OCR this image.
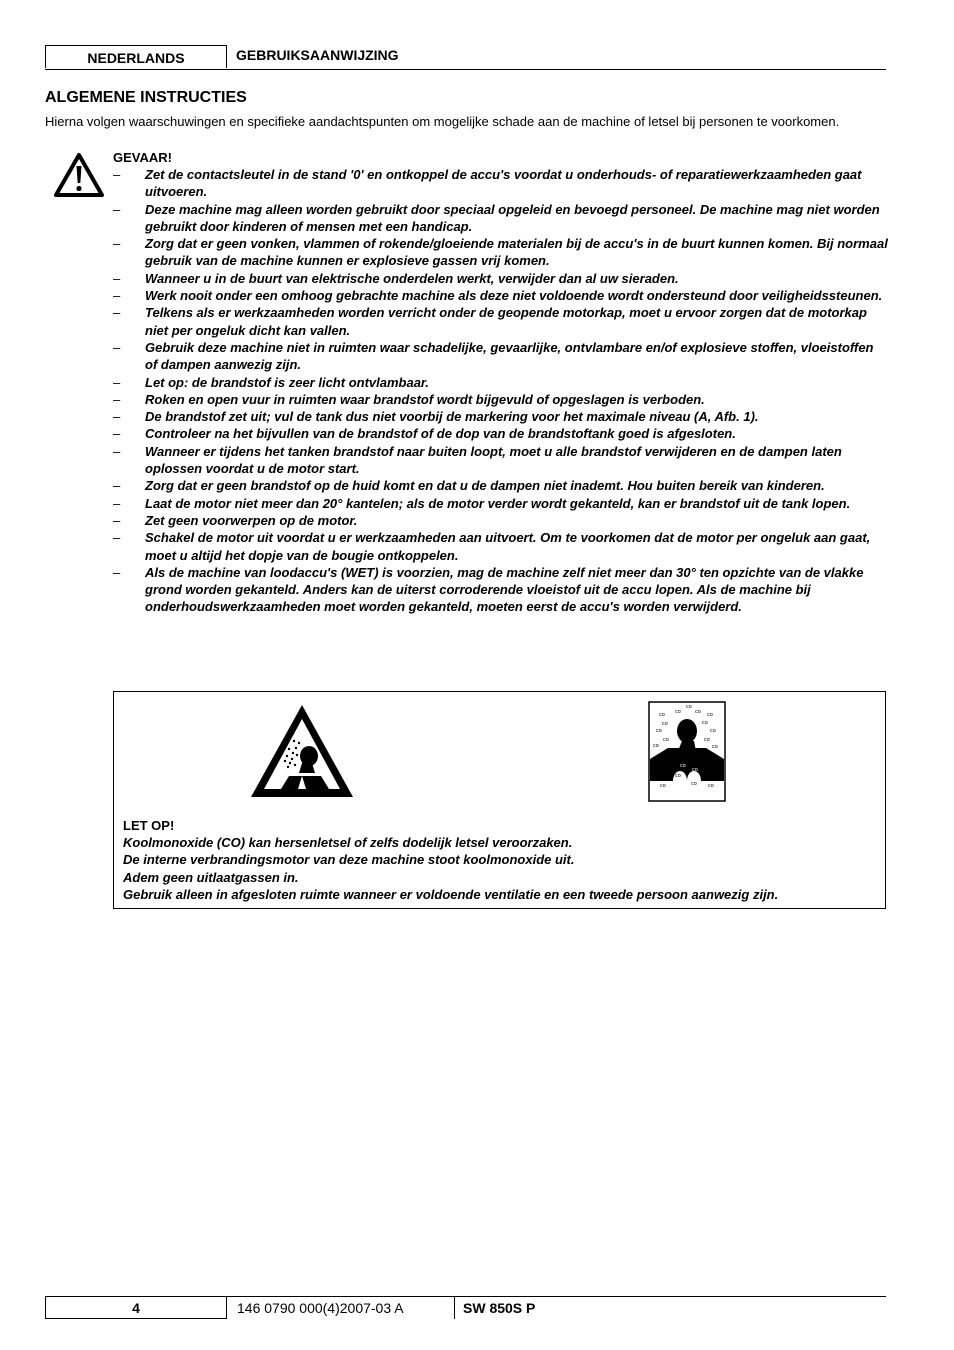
NEDERLANDS	GEBRUIKSAANWIJZING
ALGEMENE INSTRUCTIES

Hierna volgen waarschuwingen en specifieke aandachtspunten om mogelijke schade aan de machine of letsel bij personen te voorkomen.

GEVAAR!
– Zet de contactsleutel in de stand '0' en ontkoppel de accu's voordat u onderhouds- of reparatiewerkzaamheden gaat uitvoeren.
– Deze machine mag alleen worden gebruikt door speciaal opgeleid en bevoegd personeel. De machine mag niet worden gebruikt door kinderen of mensen met een handicap.
– Zorg dat er geen vonken, vlammen of rokende/gloeiende materialen bij de accu's in de buurt kunnen komen. Bij normaal gebruik van de machine kunnen er explosieve gassen vrij komen.
– Wanneer u in de buurt van elektrische onderdelen werkt, verwijder dan al uw sieraden.
– Werk nooit onder een omhoog gebrachte machine als deze niet voldoende wordt ondersteund door veiligheidssteunen.
– Telkens als er werkzaamheden worden verricht onder de geopende motorkap, moet u ervoor zorgen dat de motorkap niet per ongeluk dicht kan vallen.
– Gebruik deze machine niet in ruimten waar schadelijke, gevaarlijke, ontvlambare en/of explosieve stoffen, vloeistoffen of dampen aanwezig zijn.
– Let op: de brandstof is zeer licht ontvlambaar.
– Roken en open vuur in ruimten waar brandstof wordt bijgevuld of opgeslagen is verboden.
– De brandstof zet uit; vul de tank dus niet voorbij de markering voor het maximale niveau (A, Afb. 1).
– Controleer na het bijvullen van de brandstof of de dop van de brandstoftank goed is afgesloten.
– Wanneer er tijdens het tanken brandstof naar buiten loopt, moet u alle brandstof verwijderen en de dampen laten oplossen voordat u de motor start.
– Zorg dat er geen brandstof op de huid komt en dat u de dampen niet inademt. Hou buiten bereik van kinderen.
– Laat de motor niet meer dan 20° kantelen; als de motor verder wordt gekanteld, kan er brandstof uit de tank lopen.
– Zet geen voorwerpen op de motor.
– Schakel de motor uit voordat u er werkzaamheden aan uitvoert. Om te voorkomen dat de motor per ongeluk aan gaat, moet u altijd het dopje van de bougie ontkoppelen.
– Als de machine van loodaccu's (WET) is voorzien, mag de machine zelf niet meer dan 30° ten opzichte van de vlakke grond worden gekanteld. Anders kan de uiterst corroderende vloeistof uit de accu lopen. Als de machine bij onderhoudswerkzaamheden moet worden gekanteld, moeten eerst de accu's worden verwijderd.
co
co	co
co	co
co	co
co	co
co	co
co	co
co co
co
co
co
co
co	co
LET OP!
Koolmonoxide (CO) kan hersenletsel of zelfs dodelijk letsel veroorzaken.
De interne verbrandingsmotor van deze machine stoot koolmonoxide uit.
Adem geen uitlaatgassen in.
Gebruik alleen in afgesloten ruimte wanneer er voldoende ventilatie en een tweede persoon aanwezig zijn.
4	146 0790 000(4)2007-03 A	SW 850S P
